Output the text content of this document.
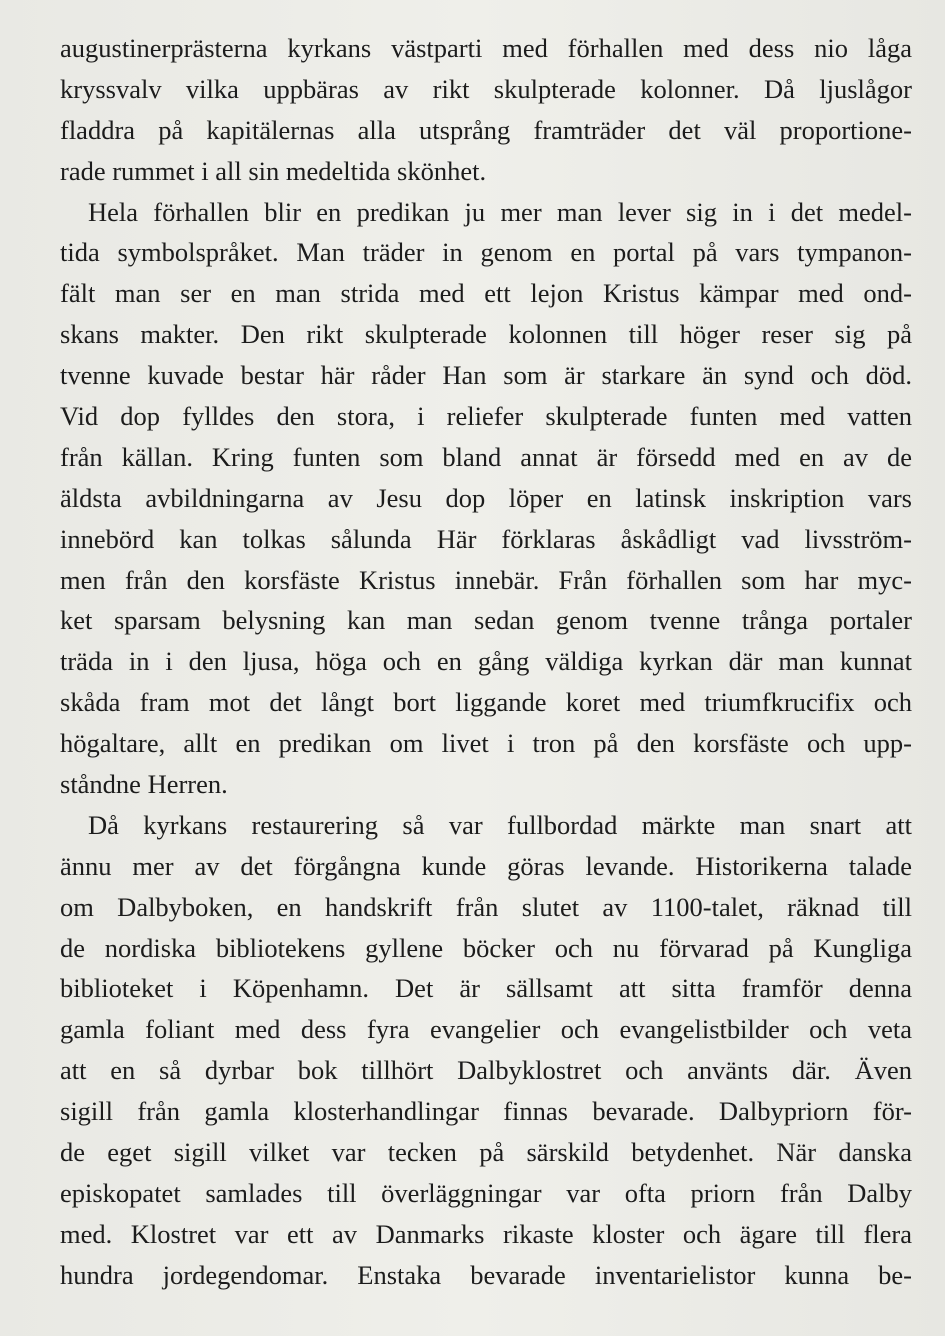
augustinerprästerna kyrkans västparti med förhallen med dess nio låga
kryssvalv vilka uppbäras av rikt skulpterade kolonner. Då ljuslågor
fladdra på kapitälernas alla utsprång framträder det väl proportione-
rade rummet i all sin medeltida skönhet.
Hela förhallen blir en predikan ju mer man lever sig in i det medel-
tida symbolspråket. Man träder in genom en portal på vars tympanon-
fält man ser en man strida med ett lejon Kristus kämpar med ond-
skans makter. Den rikt skulpterade kolonnen till höger reser sig på
tvenne kuvade bestar här råder Han som är starkare än synd och död.
Vid dop fylldes den stora, i reliefer skulpterade funten med vatten
från källan. Kring funten som bland annat är försedd med en av de
äldsta avbildningarna av Jesu dop löper en latinsk inskription vars
innebörd kan tolkas sålunda Här förklaras åskådligt vad livsström-
men från den korsfäste Kristus innebär. Från förhallen som har myc-
ket sparsam belysning kan man sedan genom tvenne trånga portaler
träda in i den ljusa, höga och en gång väldiga kyrkan där man kunnat
skåda fram mot det långt bort liggande koret med triumfkrucifix och
högaltare, allt en predikan om livet i tron på den korsfäste och upp-
ståndne Herren.
Då kyrkans restaurering så var fullbordad märkte man snart att
ännu mer av det förgångna kunde göras levande. Historikerna talade
om Dalbyboken, en handskrift från slutet av 1100-talet, räknad till
de nordiska bibliotekens gyllene böcker och nu förvarad på Kungliga
biblioteket i Köpenhamn. Det är sällsamt att sitta framför denna
gamla foliant med dess fyra evangelier och evangelistbilder och veta
att en så dyrbar bok tillhört Dalbyklostret och använts där. Även
sigill från gamla klosterhandlingar finnas bevarade. Dalbypriorn för-
de eget sigill vilket var tecken på särskild betydenhet. När danska
episkopatet samlades till överläggningar var ofta priorn från Dalby
med. Klostret var ett av Danmarks rikaste kloster och ägare till flera
hundra jordegendomar. Enstaka bevarade inventarielistor kunna be-
